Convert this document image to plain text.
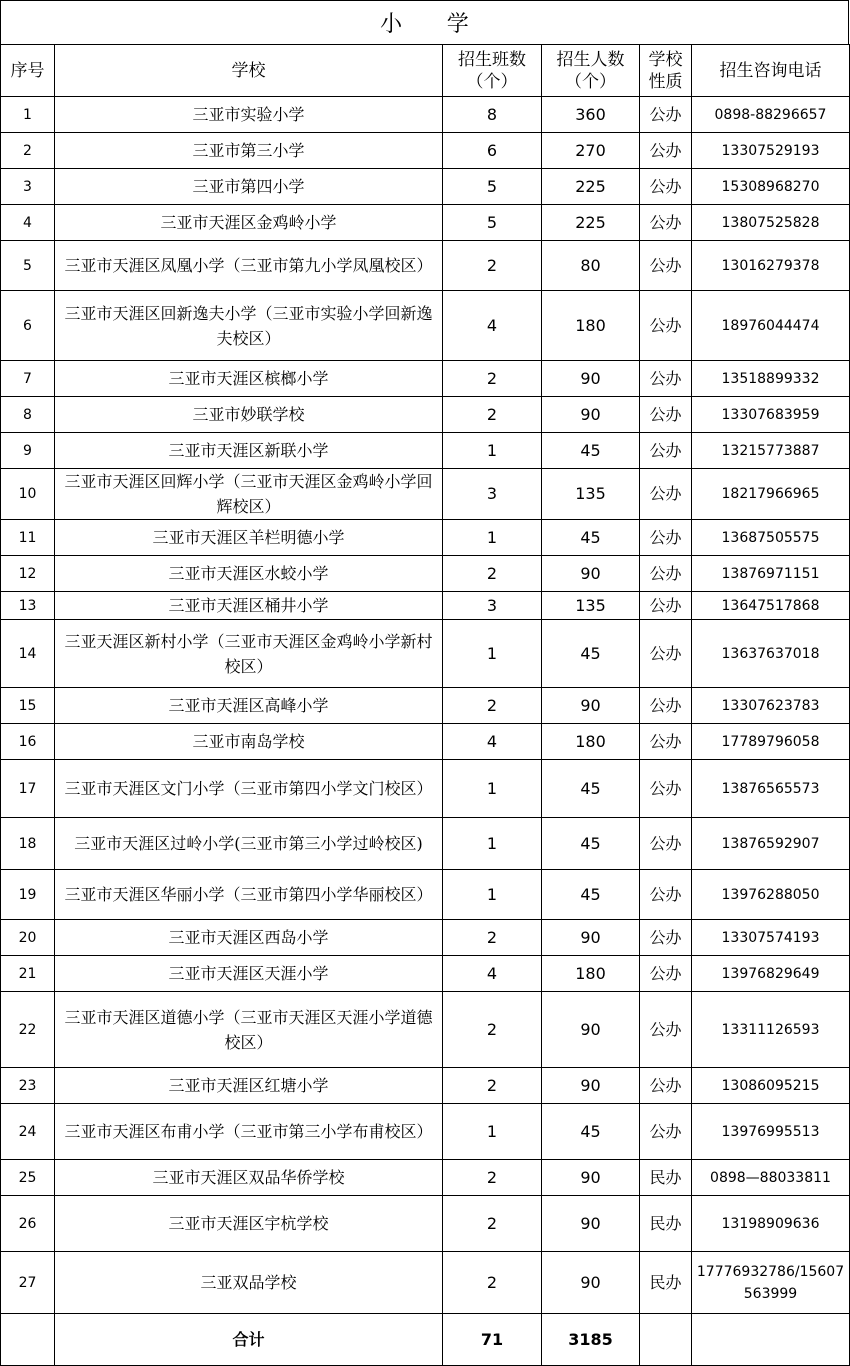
小　　学
序号	学校	招生班数（个）	招生人数（个）	学校性质	招生咨询电话
1	三亚市实验小学	8	360	公办	0898-88296657
2	三亚市第三小学	6	270	公办	13307529193
3	三亚市第四小学	5	225	公办	15308968270
4	三亚市天涯区金鸡岭小学	5	225	公办	13807525828
5	三亚市天涯区凤凰小学（三亚市第九小学凤凰校区）	2	80	公办	13016279378
6	三亚市天涯区回新逸夫小学（三亚市实验小学回新逸夫校区）	4	180	公办	18976044474
7	三亚市天涯区槟榔小学	2	90	公办	13518899332
8	三亚市妙联学校	2	90	公办	13307683959
9	三亚市天涯区新联小学	1	45	公办	13215773887
10	三亚市天涯区回辉小学（三亚市天涯区金鸡岭小学回辉校区）	3	135	公办	18217966965
11	三亚市天涯区羊栏明德小学	1	45	公办	13687505575
12	三亚市天涯区水蛟小学	2	90	公办	13876971151
13	三亚市天涯区桶井小学	3	135	公办	13647517868
14	三亚天涯区新村小学（三亚市天涯区金鸡岭小学新村校区）	1	45	公办	13637637018
15	三亚市天涯区高峰小学	2	90	公办	13307623783
16	三亚市南岛学校	4	180	公办	17789796058
17	三亚市天涯区文门小学（三亚市第四小学文门校区）	1	45	公办	13876565573
18	三亚市天涯区过岭小学(三亚市第三小学过岭校区)	1	45	公办	13876592907
19	三亚市天涯区华丽小学（三亚市第四小学华丽校区）	1	45	公办	13976288050
20	三亚市天涯区西岛小学	2	90	公办	13307574193
21	三亚市天涯区天涯小学	4	180	公办	13976829649
22	三亚市天涯区道德小学（三亚市天涯区天涯小学道德校区）	2	90	公办	13311126593
23	三亚市天涯区红塘小学	2	90	公办	13086095215
24	三亚市天涯区布甫小学（三亚市第三小学布甫校区）	1	45	公办	13976995513
25	三亚市天涯区双品华侨学校	2	90	民办	0898—88033811
26	三亚市天涯区宇杭学校	2	90	民办	13198909636
27	三亚双品学校	2	90	民办	17776932786/15607563999
	合计	71	3185		
